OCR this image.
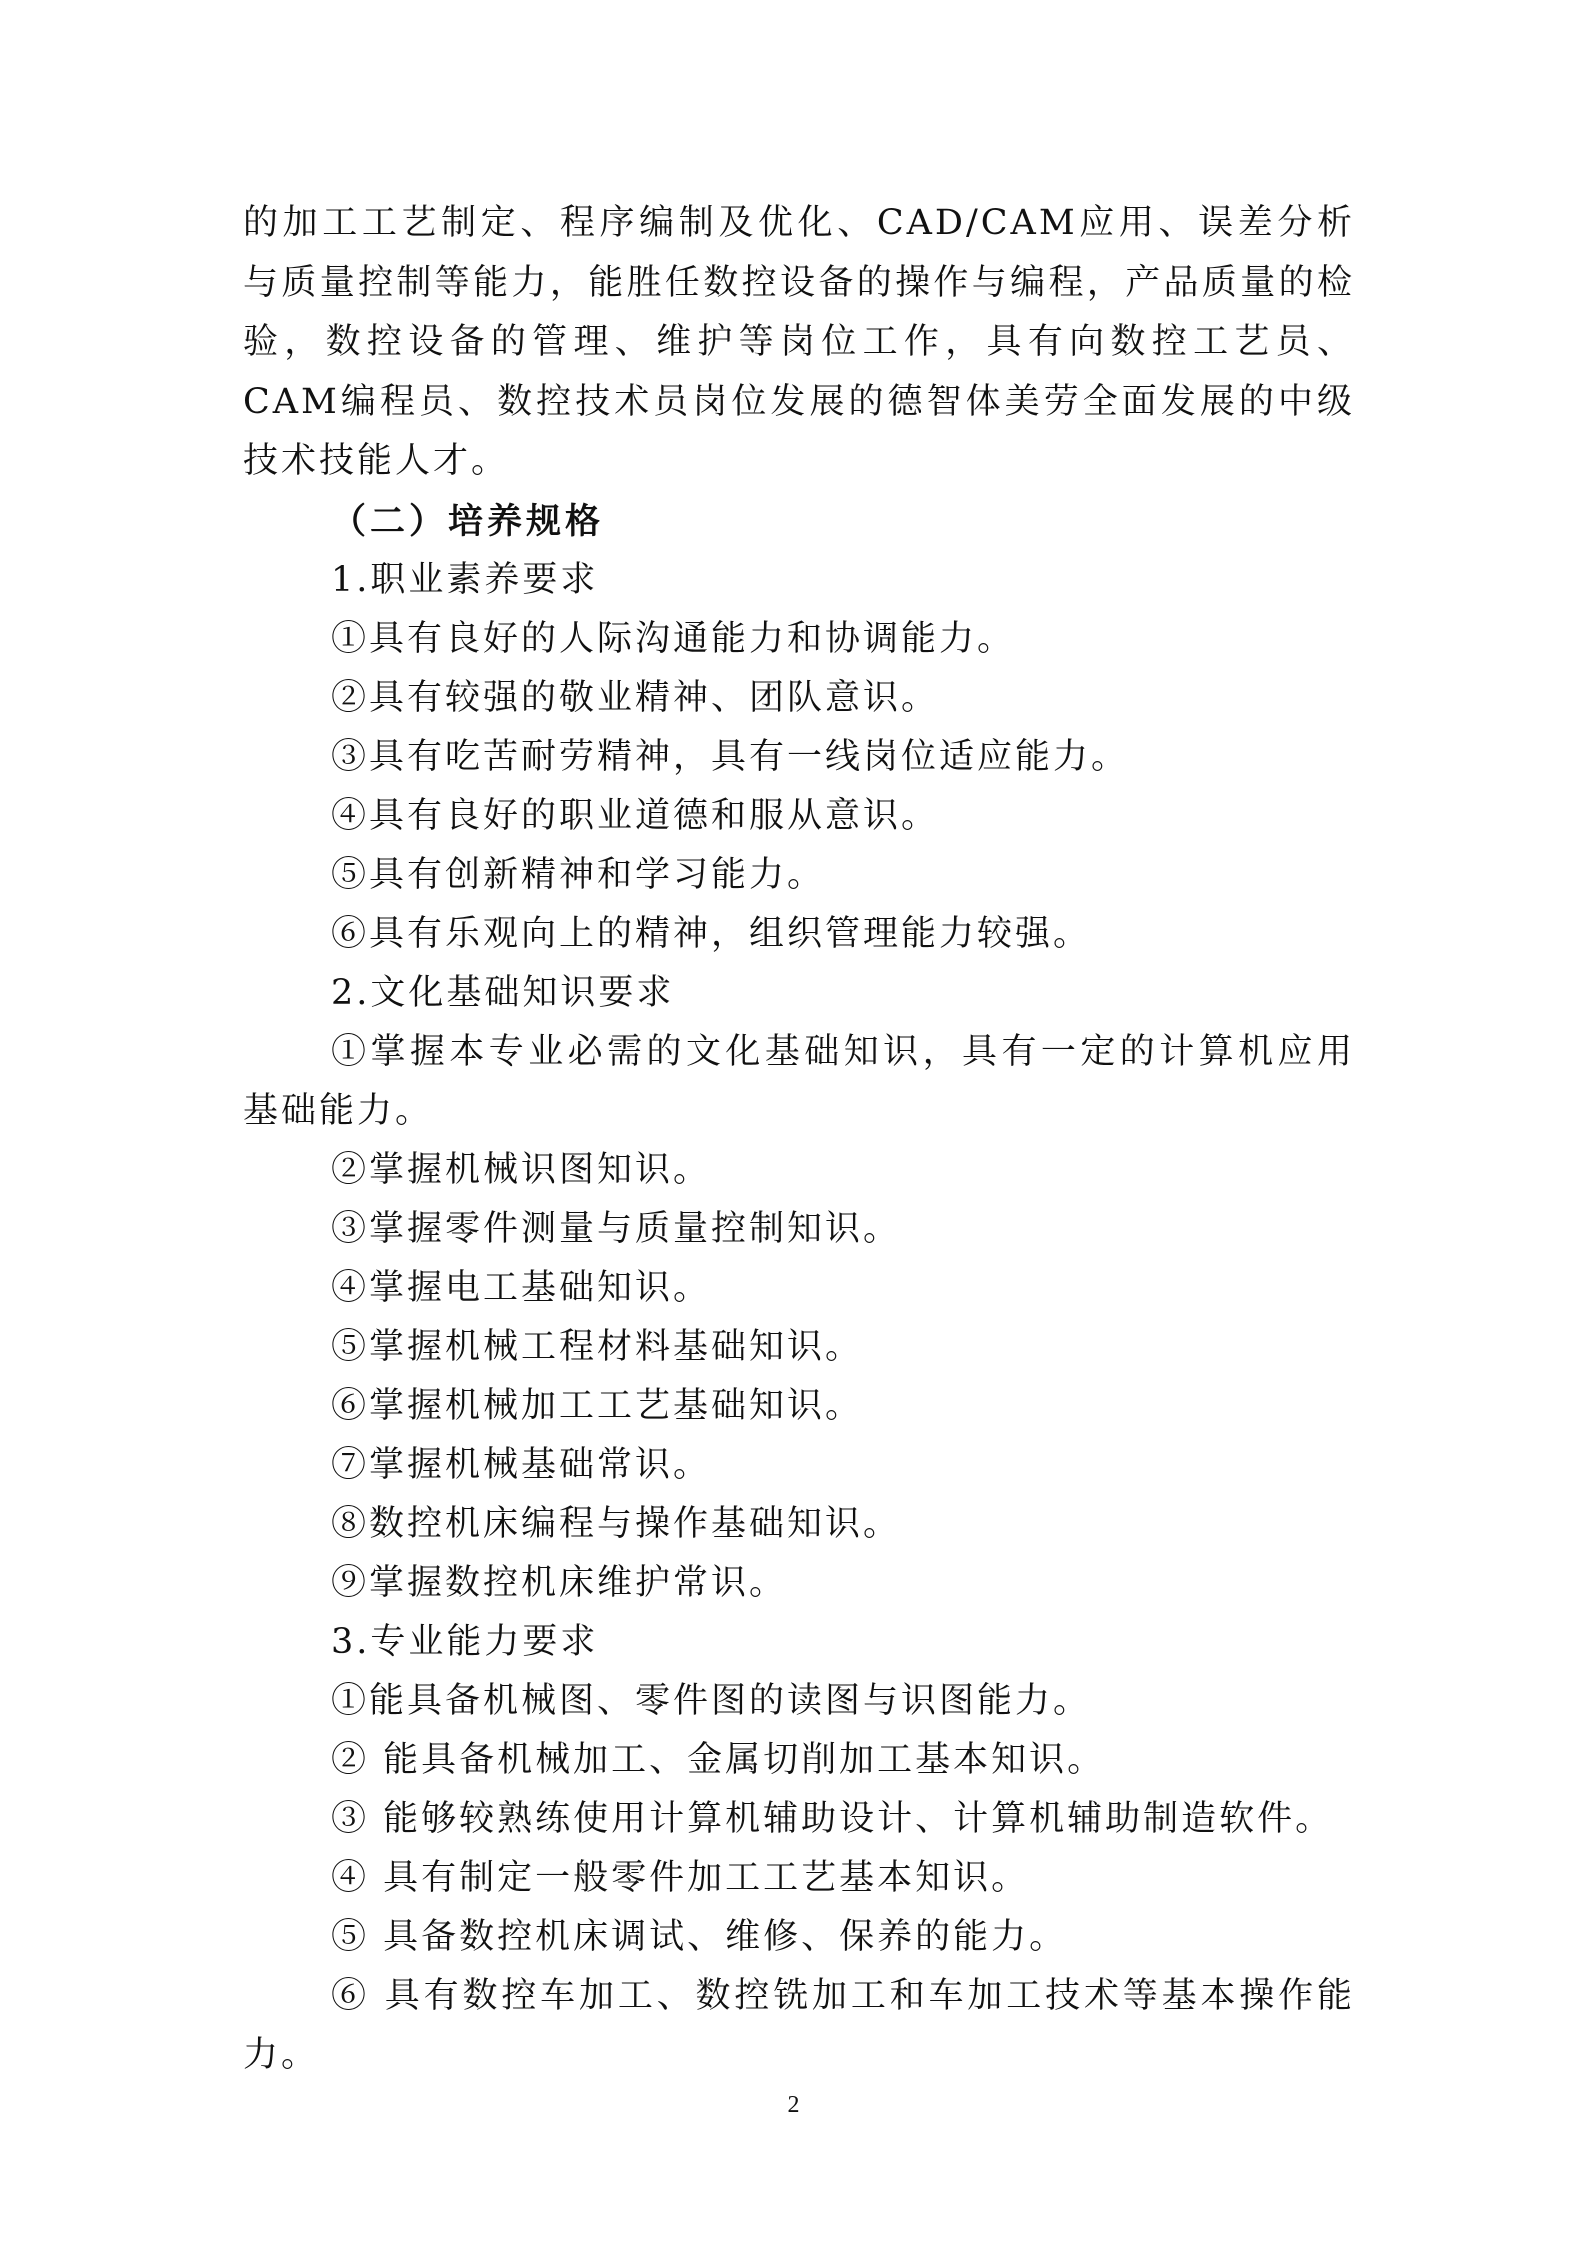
的加工工艺制定、程序编制及优化、CAD/CAM应用、误差分析与质量控制等能力，能胜任数控设备的操作与编程，产品质量的检验，数控设备的管理、维护等岗位工作，具有向数控工艺员、CAM编程员、数控技术员岗位发展的德智体美劳全面发展的中级技术技能人才。

（二）培养规格

1.职业素养要求

①具有良好的人际沟通能力和协调能力。

②具有较强的敬业精神、团队意识。

③具有吃苦耐劳精神，具有一线岗位适应能力。

④具有良好的职业道德和服从意识。

⑤具有创新精神和学习能力。

⑥具有乐观向上的精神，组织管理能力较强。

2.文化基础知识要求

①掌握本专业必需的文化基础知识，具有一定的计算机应用基础能力。

②掌握机械识图知识。

③掌握零件测量与质量控制知识。

④掌握电工基础知识。

⑤掌握机械工程材料基础知识。

⑥掌握机械加工工艺基础知识。

⑦掌握机械基础常识。

⑧数控机床编程与操作基础知识。

⑨掌握数控机床维护常识。

3.专业能力要求

①能具备机械图、零件图的读图与识图能力。

② 能具备机械加工、金属切削加工基本知识。

③ 能够较熟练使用计算机辅助设计、计算机辅助制造软件。

④ 具有制定一般零件加工工艺基本知识。

⑤ 具备数控机床调试、维修、保养的能力。

⑥ 具有数控车加工、数控铣加工和车加工技术等基本操作能力。

2
